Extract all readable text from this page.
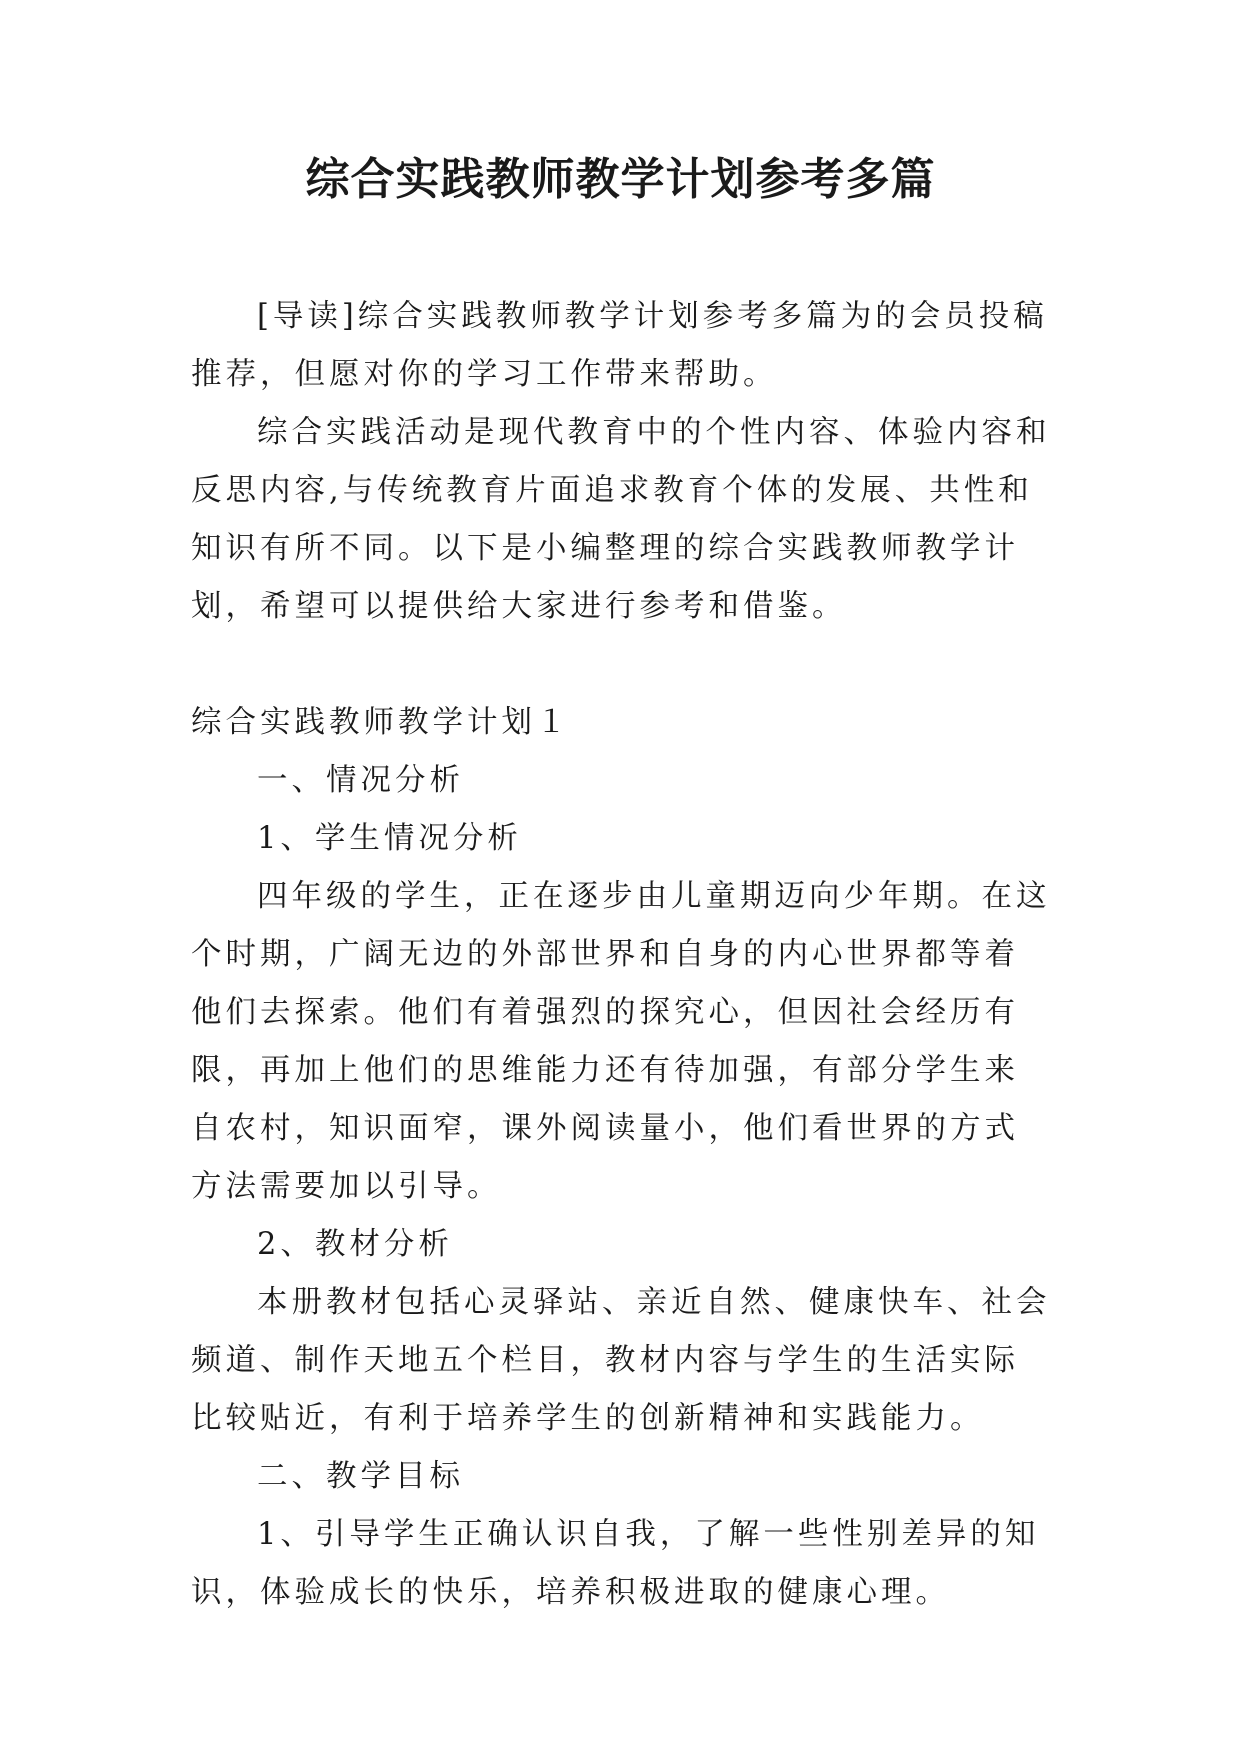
综合实践教师教学计划参考多篇

[导读]综合实践教师教学计划参考多篇为的会员投稿推荐，但愿对你的学习工作带来帮助。

综合实践活动是现代教育中的个性内容、体验内容和反思内容,与传统教育片面追求教育个体的发展、共性和知识有所不同。以下是小编整理的综合实践教师教学计划，希望可以提供给大家进行参考和借鉴。

综合实践教师教学计划１

一、情况分析

1、学生情况分析

四年级的学生，正在逐步由儿童期迈向少年期。在这个时期，广阔无边的外部世界和自身的内心世界都等着他们去探索。他们有着强烈的探究心，但因社会经历有限，再加上他们的思维能力还有待加强，有部分学生来自农村，知识面窄，课外阅读量小，他们看世界的方式方法需要加以引导。

2、教材分析

本册教材包括心灵驿站、亲近自然、健康快车、社会频道、制作天地五个栏目，教材内容与学生的生活实际比较贴近，有利于培养学生的创新精神和实践能力。

二、教学目标

1、引导学生正确认识自我，了解一些性别差异的知识，体验成长的快乐，培养积极进取的健康心理。
